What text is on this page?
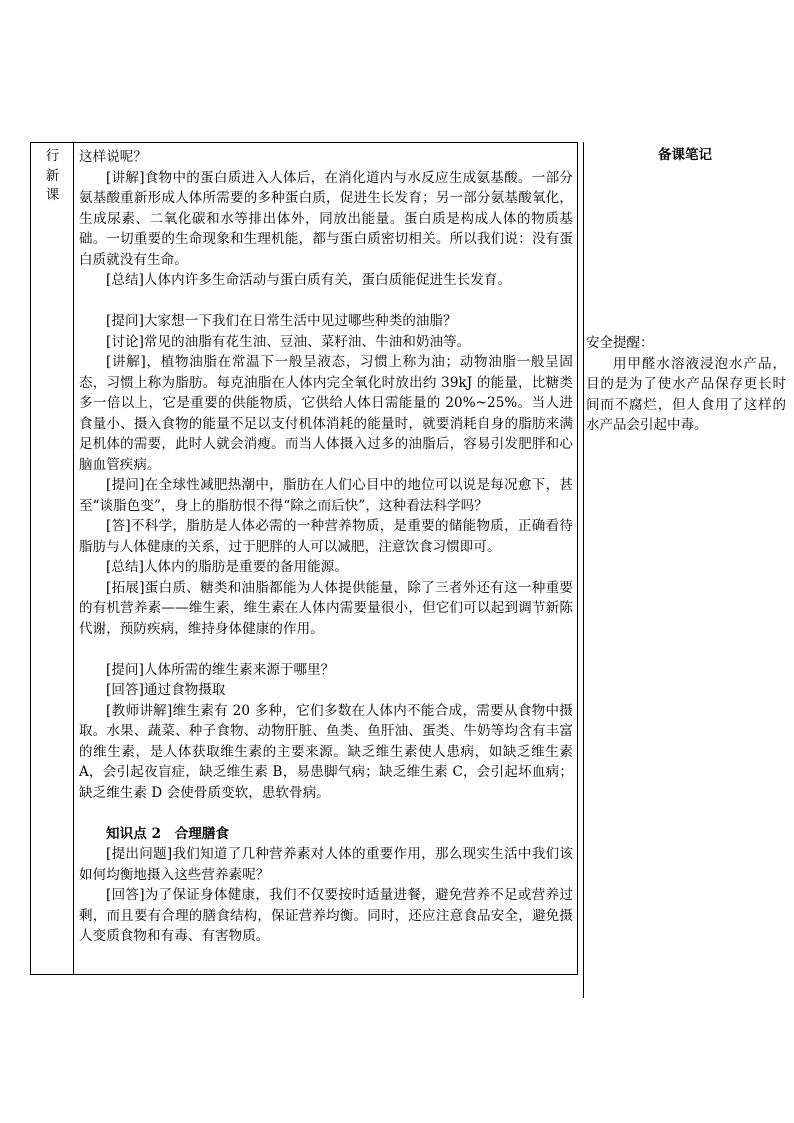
行
新
课

这样说呢？

[讲解]食物中的蛋白质进入人体后，在消化道内与水反应生成氨基酸。一部分氨基酸重新形成人体所需要的多种蛋白质，促进生长发育；另一部分氨基酸氧化，生成尿素、二氧化碳和水等排出体外，同放出能量。蛋白质是构成人体的物质基础。一切重要的生命现象和生理机能，都与蛋白质密切相关。所以我们说：没有蛋白质就没有生命。

[总结]人体内许多生命活动与蛋白质有关，蛋白质能促进生长发育。

[提问]大家想一下我们在日常生活中见过哪些种类的油脂？

[讨论]常见的油脂有花生油、豆油、菜籽油、牛油和奶油等。

[讲解]，植物油脂在常温下一般呈液态，习惯上称为油；动物油脂一般呈固态，习惯上称为脂肪。每克油脂在人体内完全氧化时放出约 39kJ 的能量，比糖类多一倍以上，它是重要的供能物质，它供给人体日需能量的 20%~25%。当人进食量小、摄入食物的能量不足以支付机体消耗的能量时，就要消耗自身的脂肪来满足机体的需要，此时人就会消瘦。而当人体摄入过多的油脂后，容易引发肥胖和心脑血管疾病。

[提问]在全球性减肥热潮中，脂肪在人们心目中的地位可以说是每况愈下，甚至“谈脂色变”，身上的脂肪恨不得“除之而后快”，这种看法科学吗？

[答]不科学，脂肪是人体必需的一种营养物质，是重要的储能物质，正确看待脂肪与人体健康的关系，过于肥胖的人可以减肥，注意饮食习惯即可。

[总结]人体内的脂肪是重要的备用能源。

[拓展]蛋白质、糖类和油脂都能为人体提供能量，除了三者外还有这一种重要的有机营养素——维生素，维生素在人体内需要量很小，但它们可以起到调节新陈代谢，预防疾病，维持身体健康的作用。

[提问]人体所需的维生素来源于哪里？

[回答]通过食物摄取

[教师讲解]维生素有 20 多种，它们多数在人体内不能合成，需要从食物中摄取。水果、蔬菜、种子食物、动物肝脏、鱼类、鱼肝油、蛋类、牛奶等均含有丰富的维生素，是人体获取维生素的主要来源。缺乏维生素使人患病，如缺乏维生素 A，会引起夜盲症，缺乏维生素 B，易患脚气病；缺乏维生素 C，会引起坏血病；缺乏维生素 D 会使骨质变软，患软骨病。

知识点 2　合理膳食

[提出问题]我们知道了几种营养素对人体的重要作用，那么现实生活中我们该如何均衡地摄入这些营养素呢？

[回答]为了保证身体健康，我们不仅要按时适量进餐，避免营养不足或营养过剩，而且要有合理的膳食结构，保证营养均衡。同时，还应注意食品安全，避免摄人变质食物和有毒、有害物质。

备课笔记

安全提醒：

用甲醛水溶液浸泡水产品，目的是为了使水产品保存更长时间而不腐烂，但人食用了这样的水产品会引起中毒。
